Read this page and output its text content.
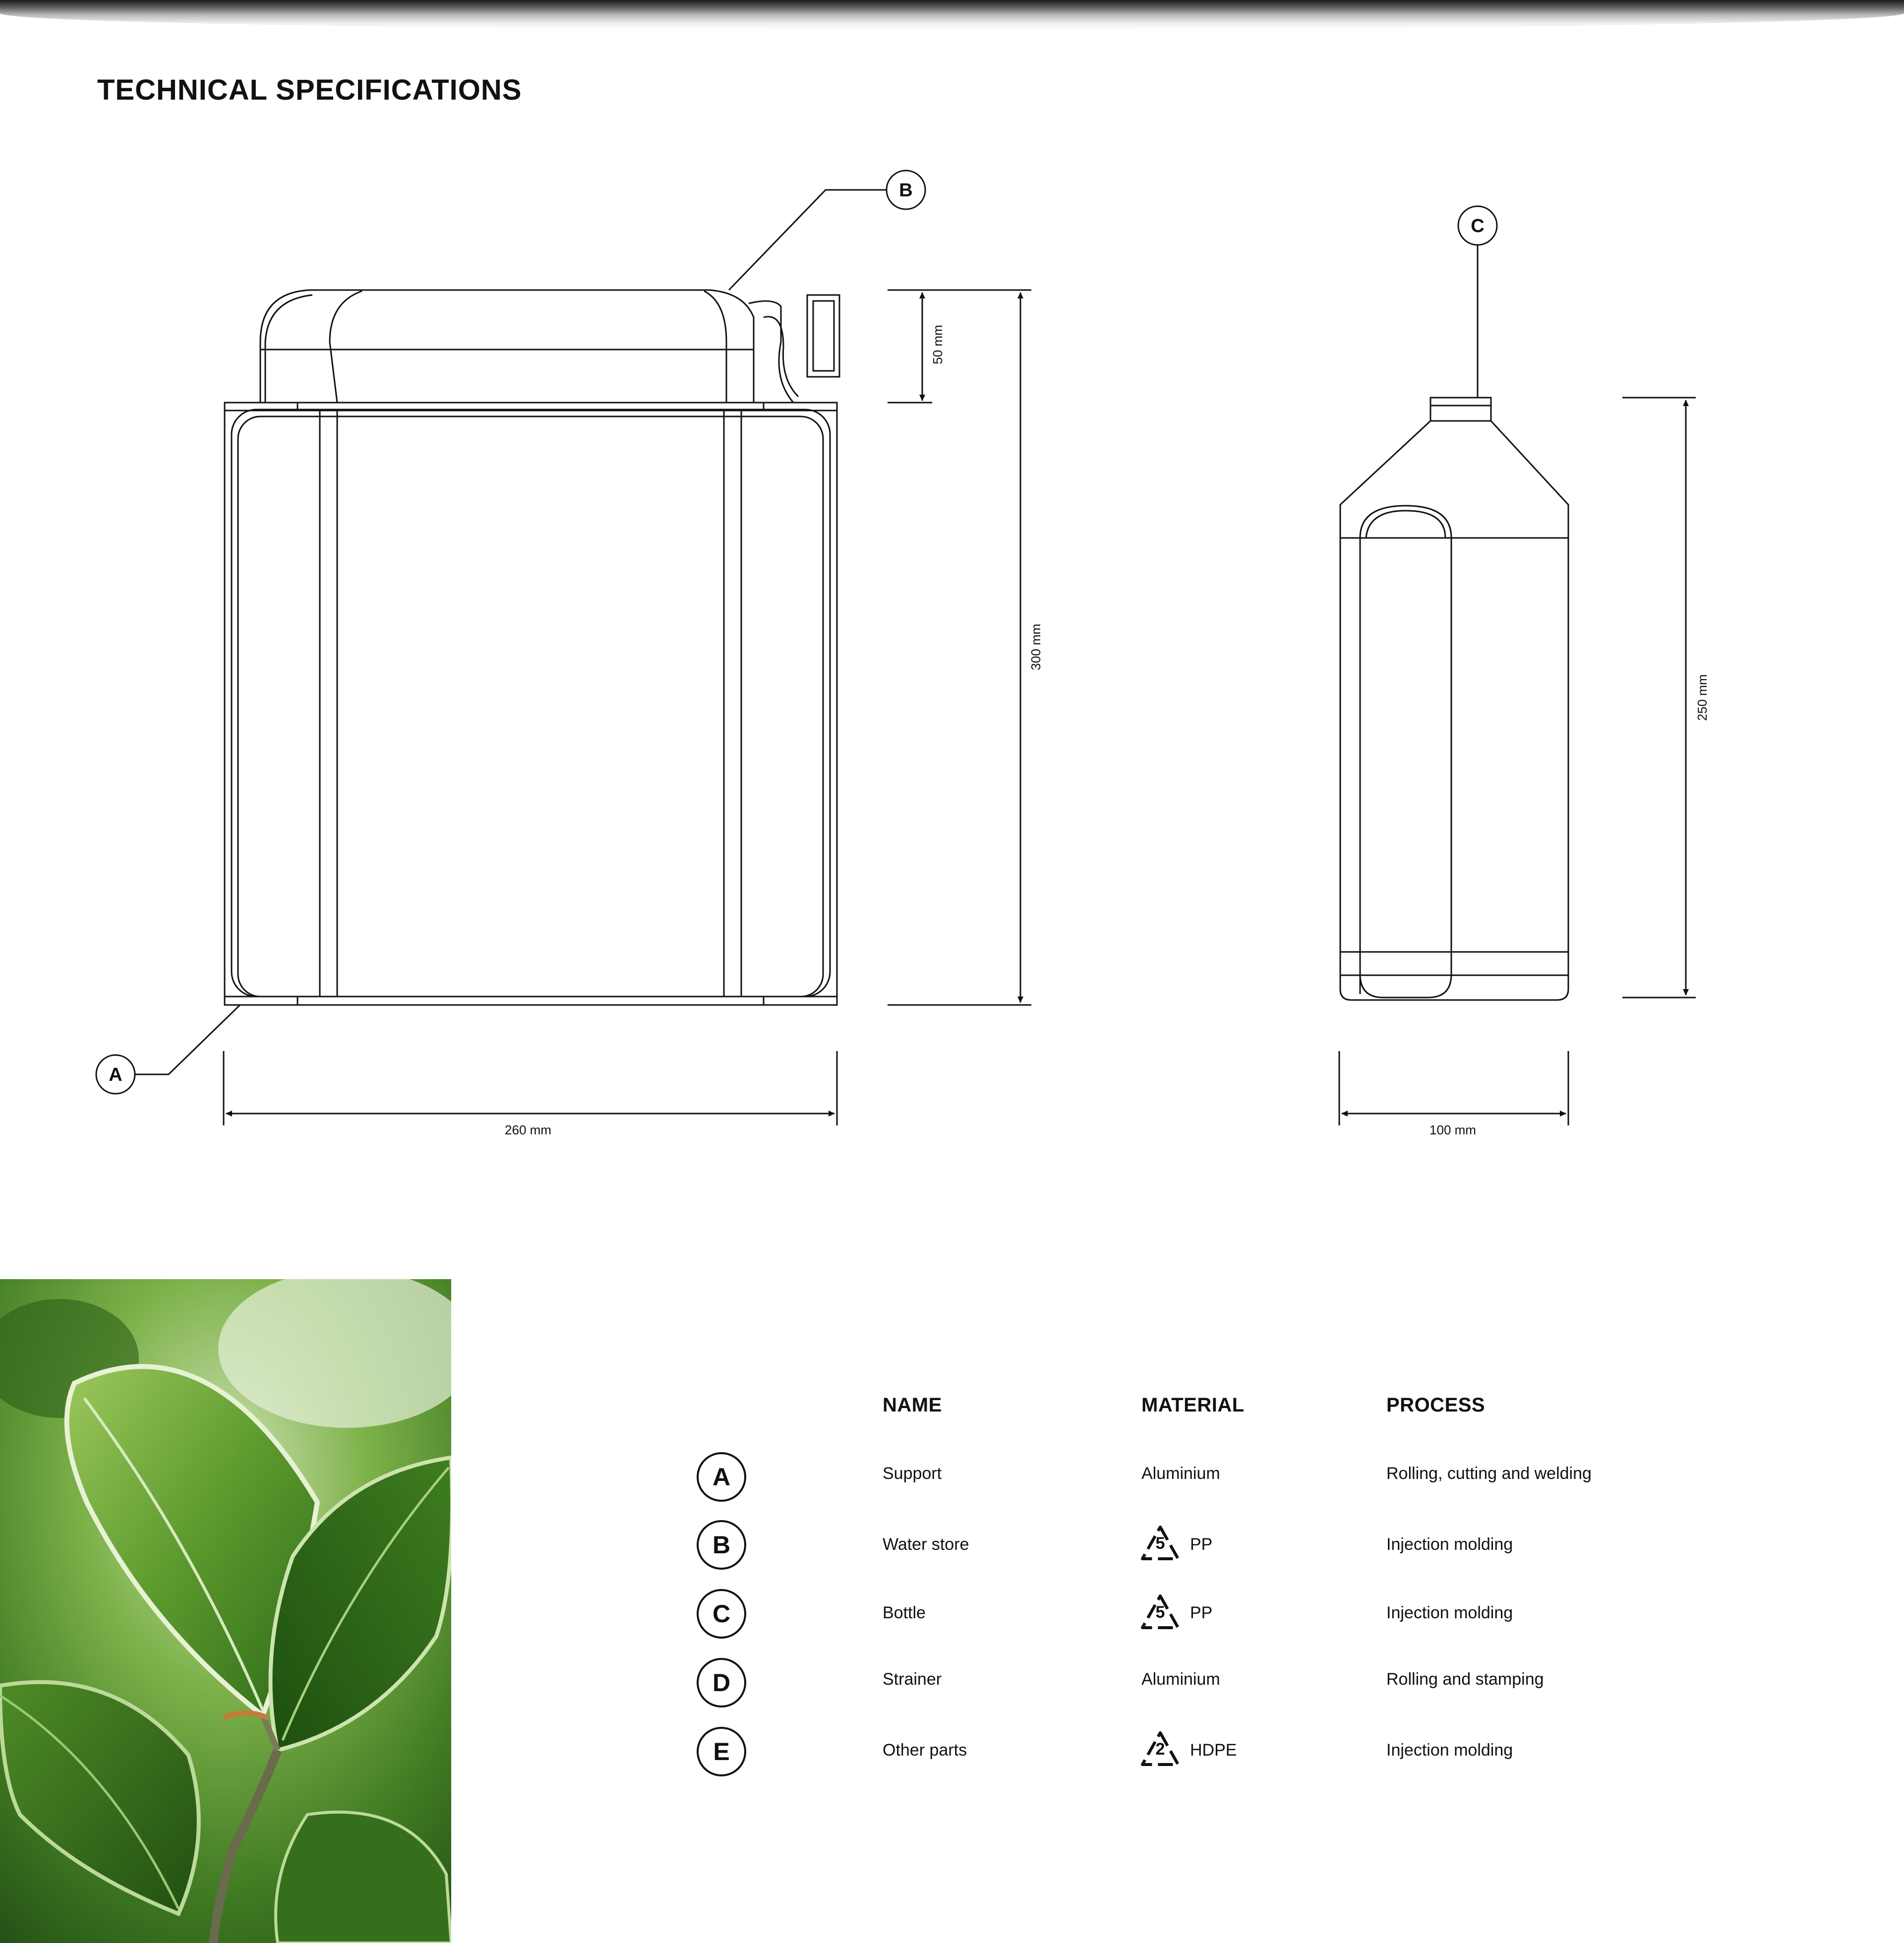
TECHNICAL SPECIFICATIONS
50 mm
300 mm
260 mm
B
A
C
250 mm
100 mm
NAME	MATERIAL	PROCESS
A	Support	Aluminium	Rolling, cutting and welding
B	Water store	5	PP	Injection molding
C	Bottle	5	PP	Injection molding
D	Strainer	Aluminium	Rolling and stamping
E	Other parts	2	HDPE	Injection molding
